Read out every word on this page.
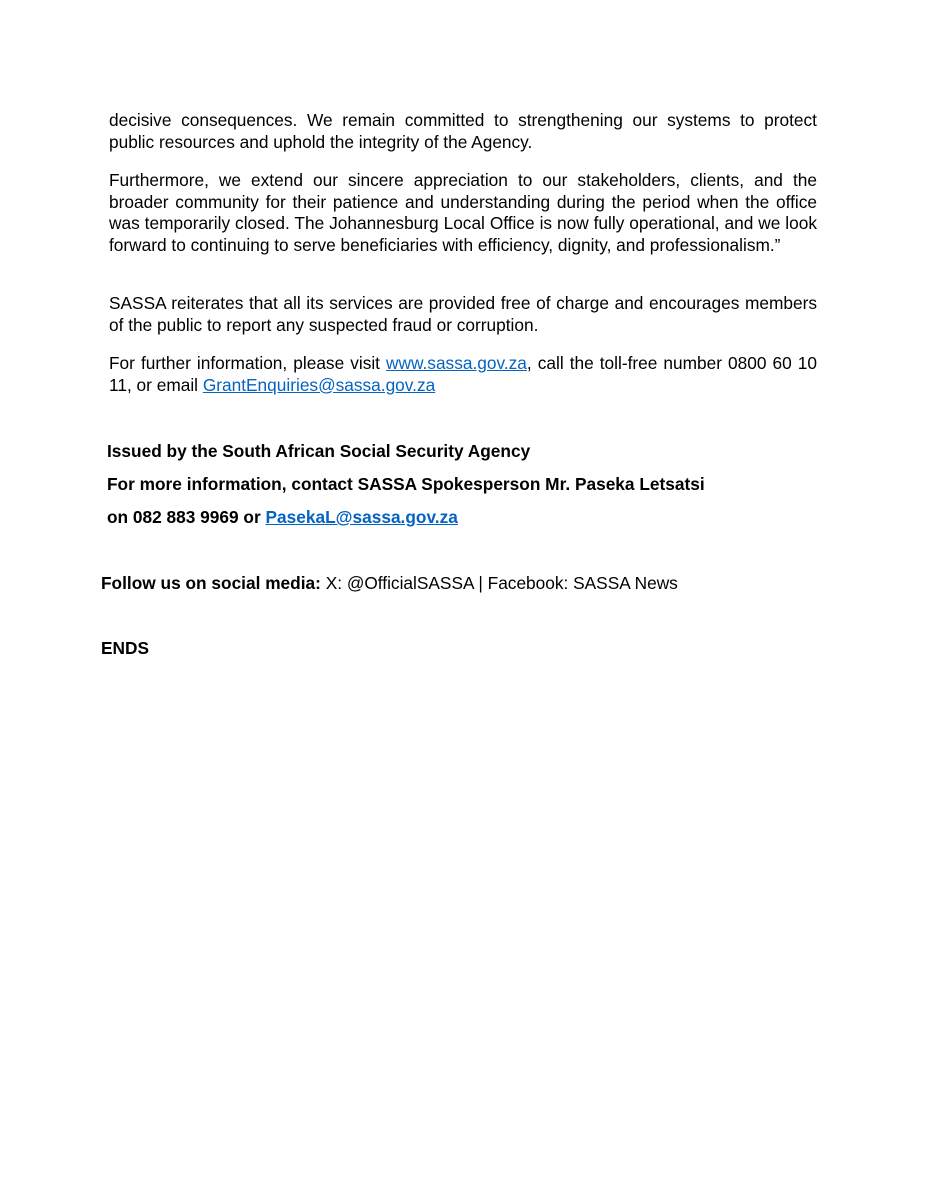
decisive consequences. We remain committed to strengthening our systems to protect public resources and uphold the integrity of the Agency.

Furthermore, we extend our sincere appreciation to our stakeholders, clients, and the broader community for their patience and understanding during the period when the office was temporarily closed. The Johannesburg Local Office is now fully operational, and we look forward to continuing to serve beneficiaries with efficiency, dignity, and professionalism.”

SASSA reiterates that all its services are provided free of charge and encourages members of the public to report any suspected fraud or corruption.

For further information, please visit www.sassa.gov.za, call the toll-free number 0800 60 10 11, or email GrantEnquiries@sassa.gov.za

Issued by the South African Social Security Agency

For more information, contact SASSA Spokesperson Mr. Paseka Letsatsi

on 082 883 9969 or PasekaL@sassa.gov.za

Follow us on social media: X: @OfficialSASSA | Facebook: SASSA News

ENDS
